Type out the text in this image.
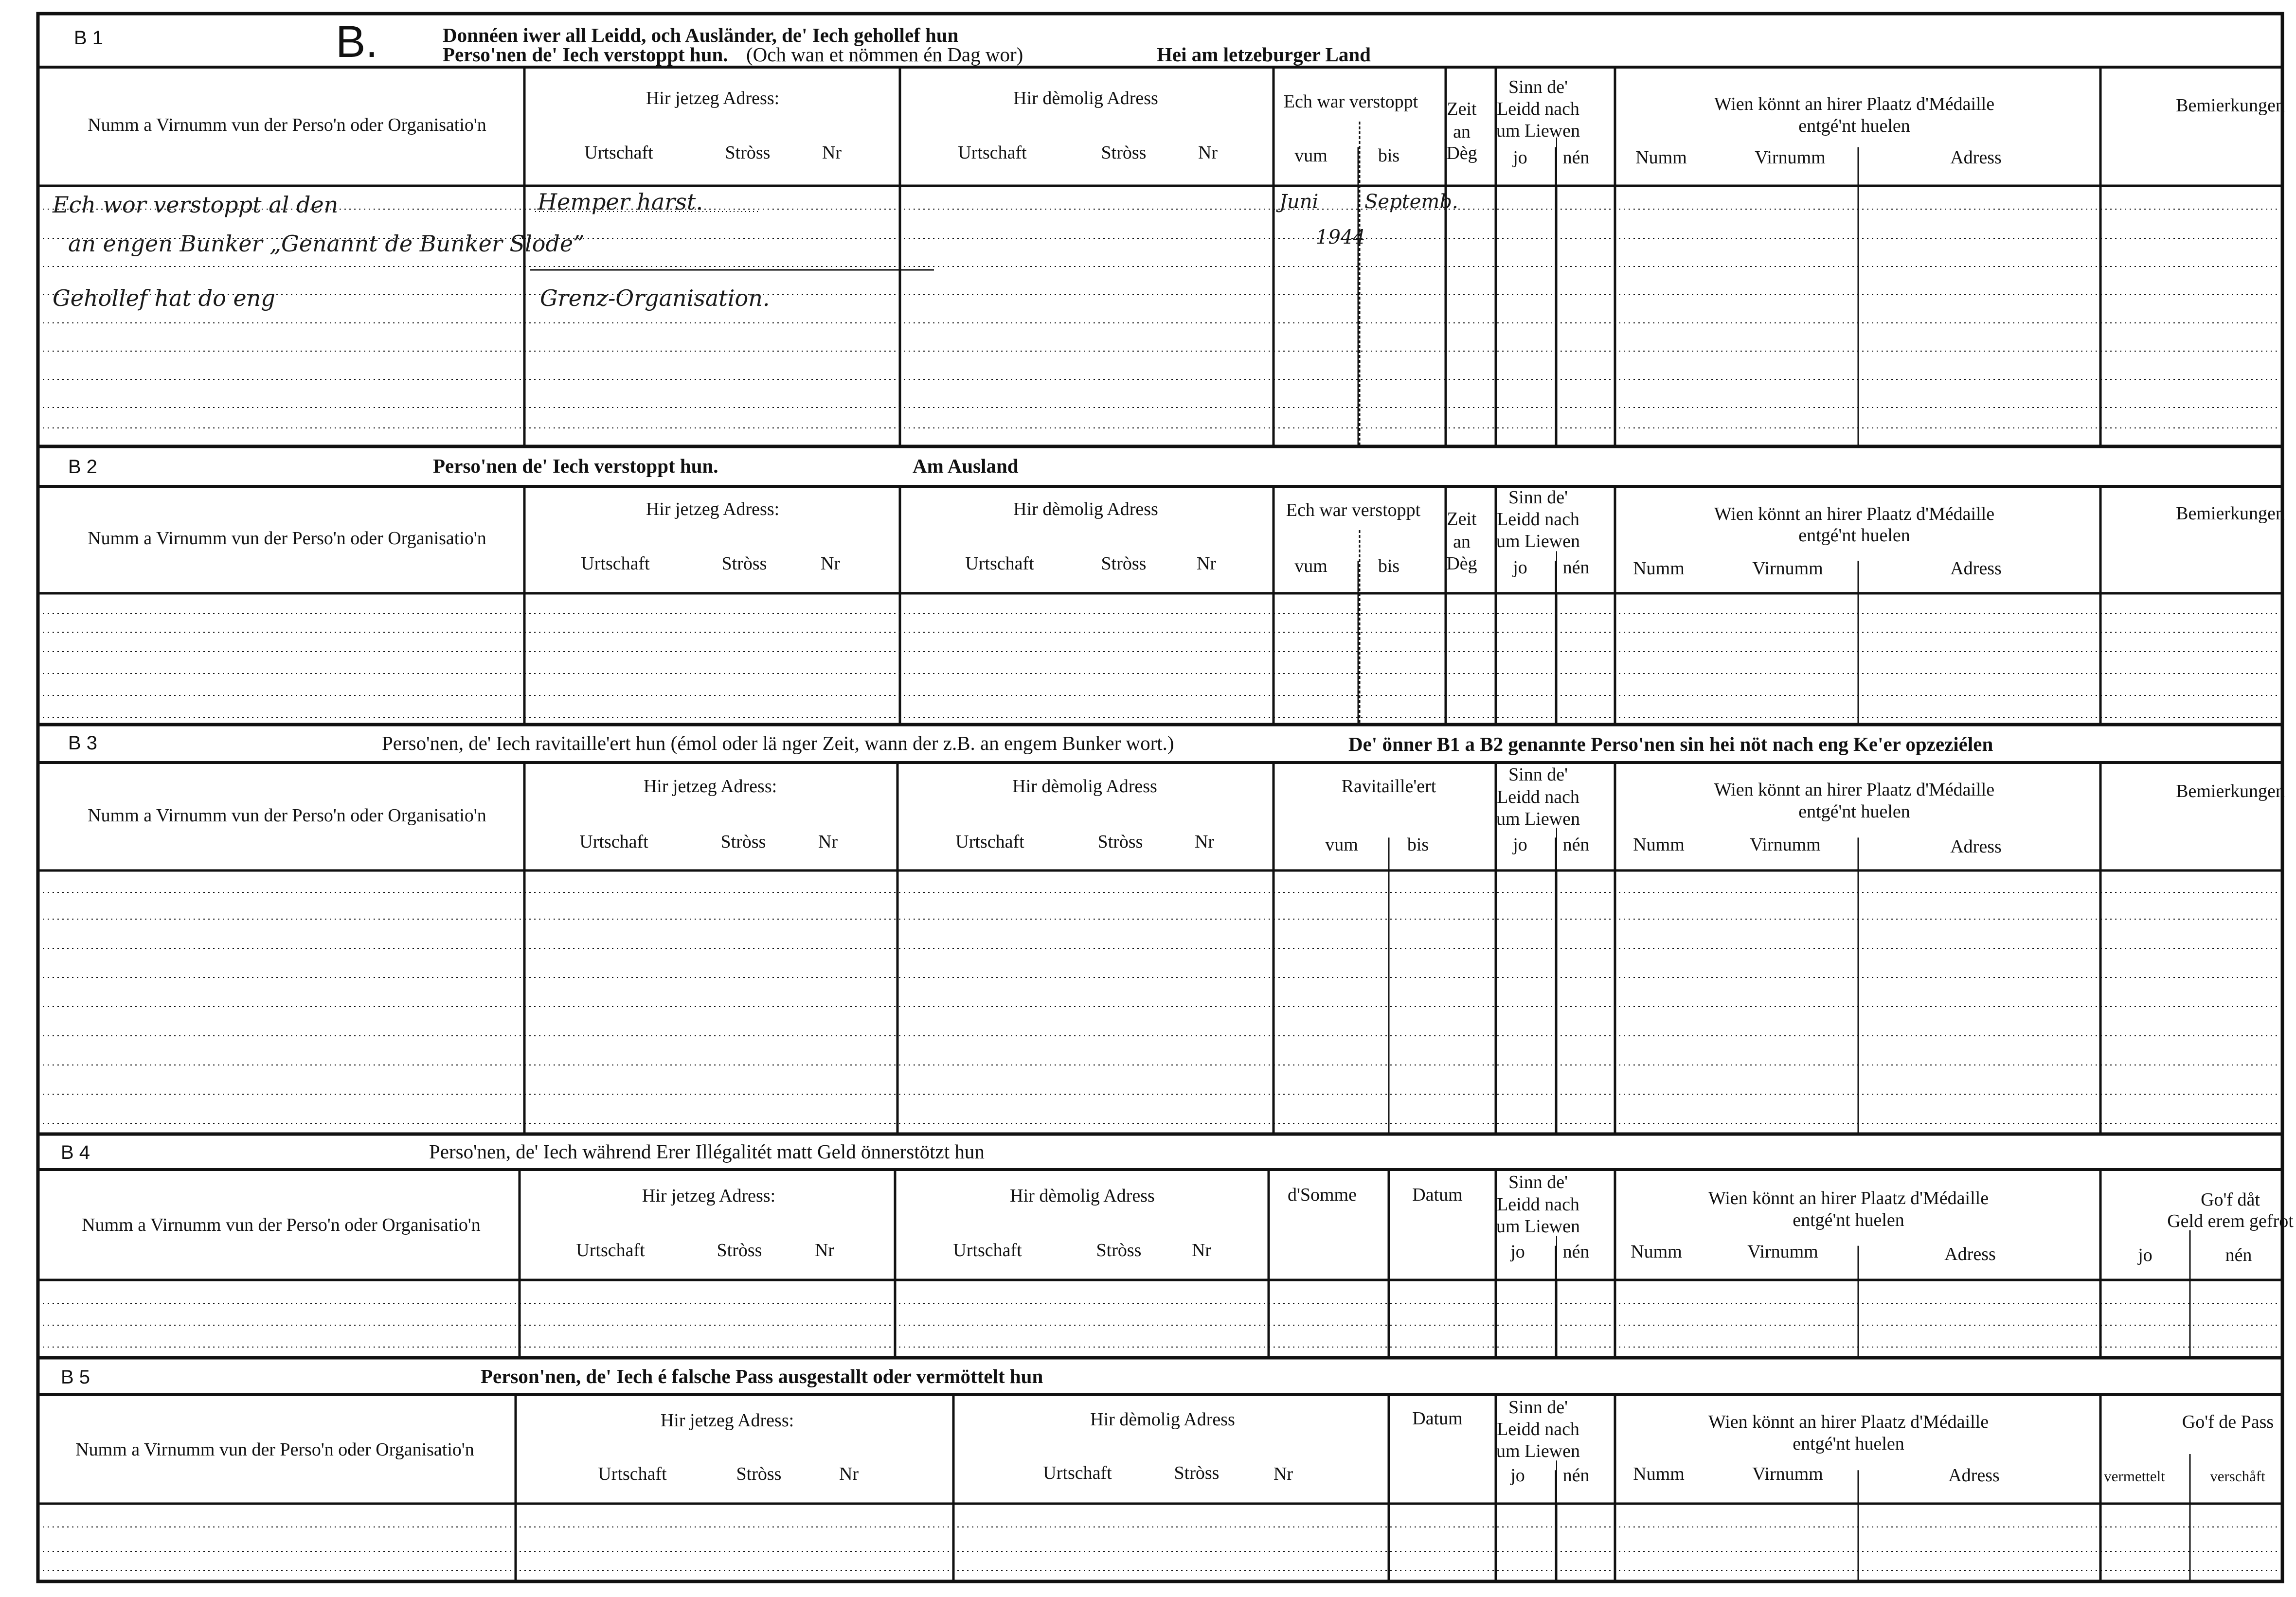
B 1	B.	Donnéen iwer all Leidd, och Ausländer, de' Iech gehollef hun
Perso'nen de' Iech verstoppt hun. (Och wan et nömmen én Dag wor)	Hei am letzeburger Land
Numm a Virnumm vun der Perso'n oder Organisatio'n
Hir jetzeg Adress:
Urtschaft	Stròss	Nr
Hir dèmolig Adress
Urtschaft	Stròss	Nr
Ech war verstoppt
vum	bis
Zeit
an
Dèg
Sinn de'
Leidd nach
um Liewen
jo nén
Wien könnt an hirer Plaatz d'Médaille
entgé'nt huelen
Numm	Virnumm	Adress
Bemierkungen
Ech wor verstoppt al den	Hemper harst.
an engen Bunker „Genannt de Bunker Slode”
Gehollef hat do eng	Grenz-Organisation.
Juni Septemb.
1944
B 2	Perso'nen de' Iech verstoppt hun.	Am Ausland
Numm a Virnumm vun der Perso'n oder Organisatio'n
Hir jetzeg Adress:
Urtschaft	Stròss	Nr
Hir dèmolig Adress
Urtschaft	Stròss	Nr
Ech war verstoppt
vum	bis
Zeit
an
Dèg
Sinn de'
Leidd nach
um Liewen
jo nén
Wien könnt an hirer Plaatz d'Médaille
entgé'nt huelen
Numm	Virnumm	Adress
Bemierkungen
B 3	Perso'nen, de' Iech ravitaille'ert hun (émol oder lä nger Zeit, wann der z.B. an engem Bunker wort.)	De' önner B1 a B2 genannte Perso'nen sin hei nöt nach eng Ke'er opzeziélen
Numm a Virnumm vun der Perso'n oder Organisatio'n
Hir jetzeg Adress:
Urtschaft	Stròss	Nr
Hir dèmolig Adress
Urtschaft	Stròss	Nr
Ravitaille'ert
vum	bis
Sinn de'
Leidd nach
um Liewen
jo nén
Wien könnt an hirer Plaatz d'Médaille
entgé'nt huelen
Numm	Virnumm	Adress
Bemierkungen
B 4	Perso'nen, de' Iech während Erer Illégalitét matt Geld önnerstötzt hun
Numm a Virnumm vun der Perso'n oder Organisatio'n
Hir jetzeg Adress:
Urtschaft	Stròss	Nr
Hir dèmolig Adress
Urtschaft	Stròss	Nr
d'Somme	Datum
Sinn de'
Leidd nach
um Liewen
jo nén
Wien könnt an hirer Plaatz d'Médaille
entgé'nt huelen
Numm	Virnumm	Adress
Go'f dåt
Geld erem gefrot
jo	nén
B 5	Person'nen, de' Iech é falsche Pass ausgestallt oder vermöttelt hun
Numm a Virnumm vun der Perso'n oder Organisatio'n
Hir jetzeg Adress:
Urtschaft	Stròss	Nr
Hir dèmolig Adress
Urtschaft	Stròss	Nr
Datum
Sinn de'
Leidd nach
um Liewen
jo nén
Wien könnt an hirer Plaatz d'Médaille
entgé'nt huelen
Numm	Virnumm	Adress
Go'f de Pass
vermettelt	verschåft
